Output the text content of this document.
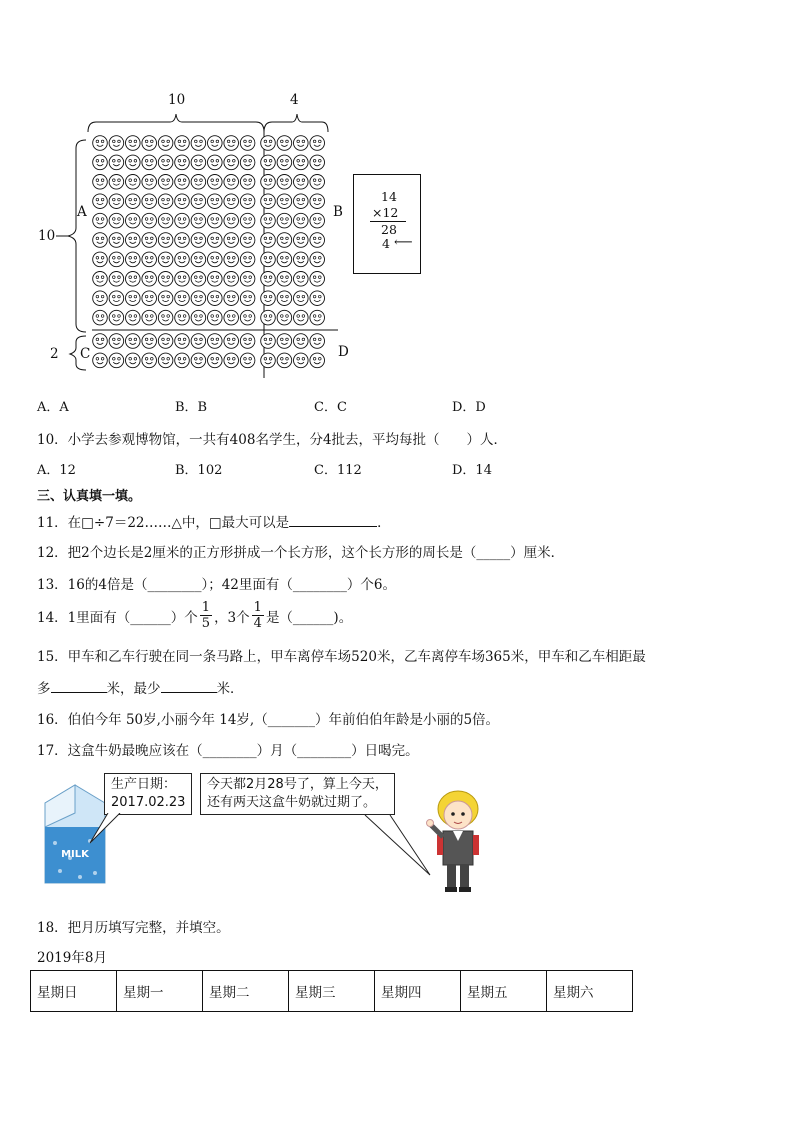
10	4
10
2
A	B
C	D
14
×12
28
4 ⟵
A．A	B．B	C．C	D．D
10．小学去参观博物馆，一共有408名学生，分4批去，平均每批（　　）人．
A．12	B．102	C．112	D．14
三、认真填一填。
11．在□÷7＝22……△中，□最大可以是	．
12．把2个边长是2厘米的正方形拼成一个长方形，这个长方形的周长是（_____）厘米．
13．16的4倍是（________）；42里面有（________）个6。
14．1里面有（______）个 $\frac{1}{5}$ ，3个 $\frac{1}{4}$ 是（______)。
15．甲车和乙车行驶在同一条马路上，甲车离停车场520米，乙车离停车场365米，甲车和乙车相距最
多	米，最少	米．
16．伯伯今年 50岁,小丽今年 14岁,（_______）年前伯伯年龄是小丽的5倍。
17．这盒牛奶最晚应该在（________）月（________）日喝完。
MILK
生产日期：
2017.02.23
今天都2月28号了，算上今天，
还有两天这盒牛奶就过期了。
18．把月历填写完整，并填空。
2019年8月
星期日	星期一	星期二	星期三	星期四	星期五	星期六
